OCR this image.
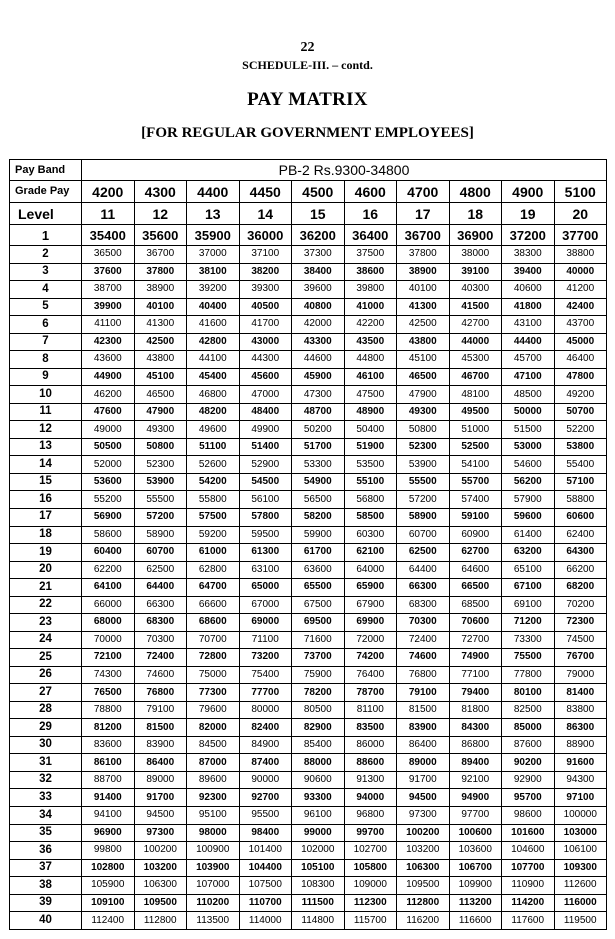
22
SCHEDULE-III. – contd.
PAY MATRIX
[FOR REGULAR GOVERNMENT EMPLOYEES]
Pay Band	PB-2 Rs.9300-34800									
Grade Pay	4200	4300	4400	4450	4500	4600	4700	4800	4900	5100
Level	11	12	13	14	15	16	17	18	19	20
1	35400	35600	35900	36000	36200	36400	36700	36900	37200	37700
2	36500	36700	37000	37100	37300	37500	37800	38000	38300	38800
3	37600	37800	38100	38200	38400	38600	38900	39100	39400	40000
4	38700	38900	39200	39300	39600	39800	40100	40300	40600	41200
5	39900	40100	40400	40500	40800	41000	41300	41500	41800	42400
6	41100	41300	41600	41700	42000	42200	42500	42700	43100	43700
7	42300	42500	42800	43000	43300	43500	43800	44000	44400	45000
8	43600	43800	44100	44300	44600	44800	45100	45300	45700	46400
9	44900	45100	45400	45600	45900	46100	46500	46700	47100	47800
10	46200	46500	46800	47000	47300	47500	47900	48100	48500	49200
11	47600	47900	48200	48400	48700	48900	49300	49500	50000	50700
12	49000	49300	49600	49900	50200	50400	50800	51000	51500	52200
13	50500	50800	51100	51400	51700	51900	52300	52500	53000	53800
14	52000	52300	52600	52900	53300	53500	53900	54100	54600	55400
15	53600	53900	54200	54500	54900	55100	55500	55700	56200	57100
16	55200	55500	55800	56100	56500	56800	57200	57400	57900	58800
17	56900	57200	57500	57800	58200	58500	58900	59100	59600	60600
18	58600	58900	59200	59500	59900	60300	60700	60900	61400	62400
19	60400	60700	61000	61300	61700	62100	62500	62700	63200	64300
20	62200	62500	62800	63100	63600	64000	64400	64600	65100	66200
21	64100	64400	64700	65000	65500	65900	66300	66500	67100	68200
22	66000	66300	66600	67000	67500	67900	68300	68500	69100	70200
23	68000	68300	68600	69000	69500	69900	70300	70600	71200	72300
24	70000	70300	70700	71100	71600	72000	72400	72700	73300	74500
25	72100	72400	72800	73200	73700	74200	74600	74900	75500	76700
26	74300	74600	75000	75400	75900	76400	76800	77100	77800	79000
27	76500	76800	77300	77700	78200	78700	79100	79400	80100	81400
28	78800	79100	79600	80000	80500	81100	81500	81800	82500	83800
29	81200	81500	82000	82400	82900	83500	83900	84300	85000	86300
30	83600	83900	84500	84900	85400	86000	86400	86800	87600	88900
31	86100	86400	87000	87400	88000	88600	89000	89400	90200	91600
32	88700	89000	89600	90000	90600	91300	91700	92100	92900	94300
33	91400	91700	92300	92700	93300	94000	94500	94900	95700	97100
34	94100	94500	95100	95500	96100	96800	97300	97700	98600	100000
35	96900	97300	98000	98400	99000	99700	100200	100600	101600	103000
36	99800	100200	100900	101400	102000	102700	103200	103600	104600	106100
37	102800	103200	103900	104400	105100	105800	106300	106700	107700	109300
38	105900	106300	107000	107500	108300	109000	109500	109900	110900	112600
39	109100	109500	110200	110700	111500	112300	112800	113200	114200	116000
40	112400	112800	113500	114000	114800	115700	116200	116600	117600	119500
